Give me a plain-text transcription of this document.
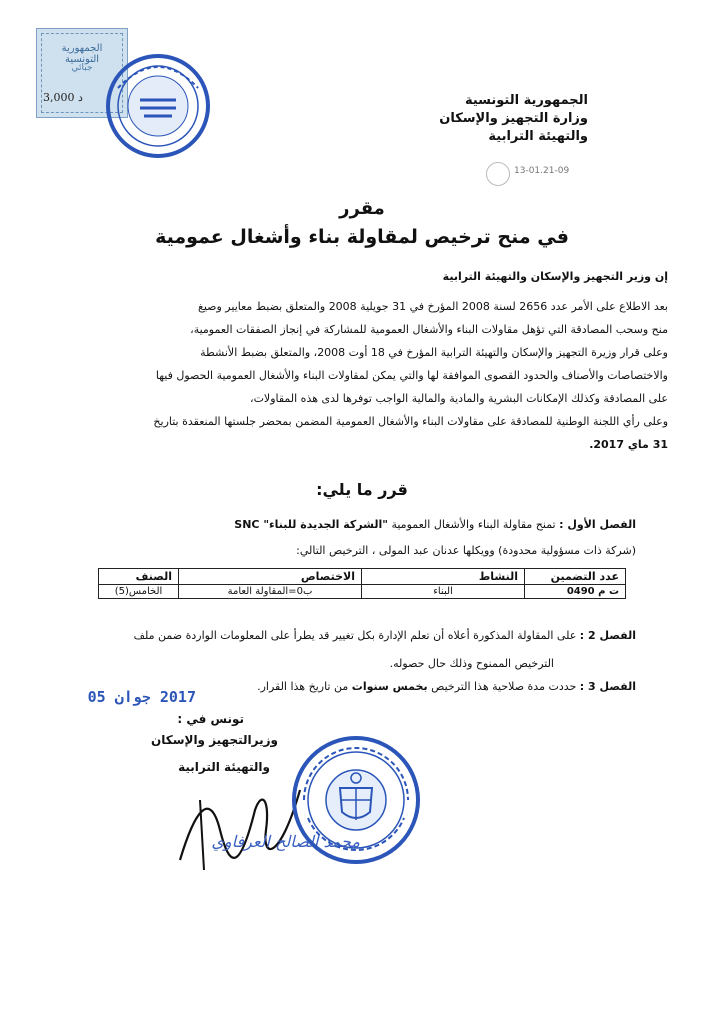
الجمهورية التونسية
جبائي
3,000 د	الجمهورية التونسية
وزارة التجهيز والإسكان
والتهيئة الترابية
13-01.21-09
مقرر
في منح ترخيص لمقاولة بناء وأشغال عمومية
إن وزير التجهيز والإسكان والتهيئة الترابية
بعد الاطلاع على الأمر عدد 2656 لسنة 2008 المؤرخ في 31 جويلية 2008 والمتعلق بضبط معايير وصيغ
منح وسحب المصادقة التي تؤهل مقاولات البناء والأشغال العمومية للمشاركة في إنجاز الصفقات العمومية،
وعلى قرار وزيرة التجهيز والإسكان والتهيئة الترابية المؤرخ في 18 أوت 2008، والمتعلق بضبط الأنشطة
والاختصاصات والأصناف والحدود القصوى الموافقة لها والتي يمكن لمقاولات البناء والأشغال العمومية الحصول فيها
على المصادقة وكذلك الإمكانات البشرية والمادية والمالية الواجب توفرها لدى هذه المقاولات،
وعلى رأي اللجنة الوطنية للمصادقة على مقاولات البناء والأشغال العمومية المضمن بمحضر جلستها المنعقدة بتاريخ
31 ماي 2017.
قرر ما يلي:
الفصل الأول : تمنح مقاولة البناء والأشغال العمومية "الشركة الجديدة للبناء" SNC
(شركة ذات مسؤولية محدودة) وويكلها عدنان عبد المولى ، الترخيص التالي:
عدد التضمين	النشاط	الاختصاص	الصنف
ت م 0490	البناء	ب0=المقاولة العامة	الخامس(5)
الفصل 2 : على المقاولة المذكورة أعلاه أن تعلم الإدارة بكل تغيير قد يطرأ على المعلومات الواردة ضمن ملف
الترخيص الممنوح وذلك حال حصوله.
الفصل 3 : حددت مدة صلاحية هذا الترخيص بخمس سنوات من تاريخ هذا القرار.
2017 جوان 05
تونس في :
وزيرالتجهيز والإسكان
والتهيئة الترابية
محمد الصالح العرفاوي
